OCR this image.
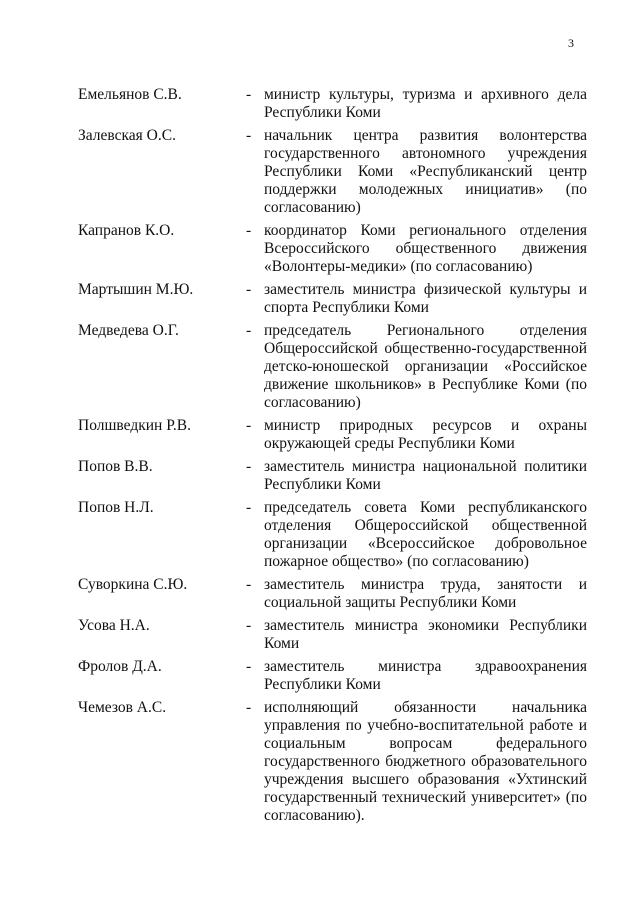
3
Емельянов С.В.	- министр культуры, туризма и архивного дела Республики Коми
Залевская О.С.	- начальник центра развития волонтерства государственного автономного учреждения Республики Коми «Республиканский центр поддержки молодежных инициатив» (по согласованию)
Капранов К.О.	- координатор Коми регионального отделения Всероссийского общественного движения «Волонтеры-медики» (по согласованию)
Мартышин М.Ю.	- заместитель министра физической культуры и спорта Республики Коми
Медведева О.Г.	- председатель Регионального отделения Общероссийской общественно-государственной детско-юношеской организации «Российское движение школьников» в Республике Коми (по согласованию)
Полшведкин Р.В.	- министр природных ресурсов и охраны окружающей среды Республики Коми
Попов В.В.	- заместитель министра национальной политики Республики Коми
Попов Н.Л.	- председатель совета Коми республиканского отделения Общероссийской общественной организации «Всероссийское добровольное пожарное общество» (по согласованию)
Суворкина С.Ю.	- заместитель министра труда, занятости и социальной защиты Республики Коми
Усова Н.А.	- заместитель министра экономики Республики Коми
Фролов Д.А.	- заместитель министра здравоохранения Республики Коми
Чемезов А.С.	- исполняющий обязанности начальника управления по учебно-воспитательной работе и социальным вопросам федерального государственного бюджетного образовательного учреждения высшего образования «Ухтинский государственный технический университет» (по согласованию).
